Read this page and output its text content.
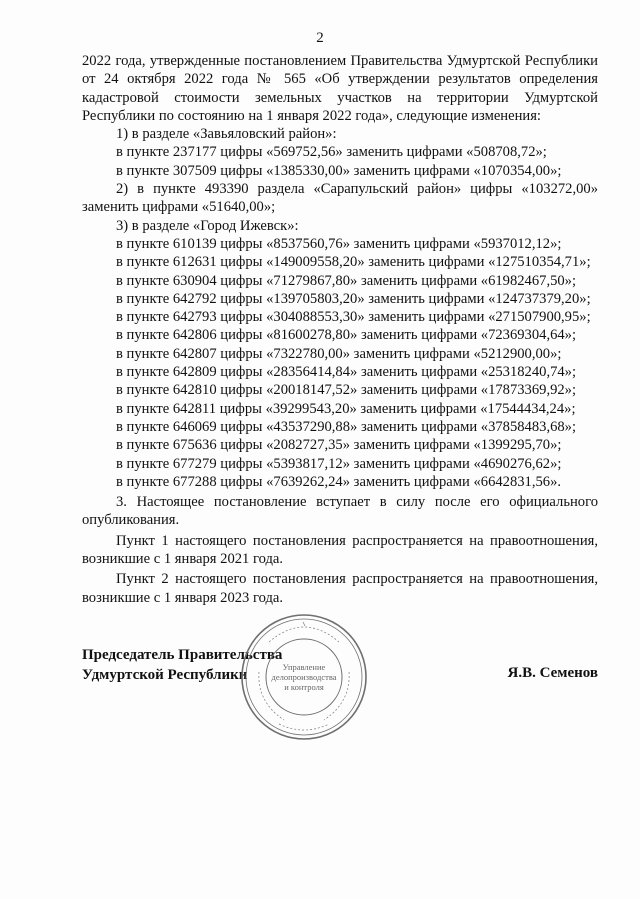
2

2022 года, утвержденные постановлением Правительства Удмуртской Республики от 24 октября 2022 года № 565 «Об утверждении результатов определения кадастровой стоимости земельных участков на территории Удмуртской Республики по состоянию на 1 января 2022 года», следующие изменения:

1) в разделе «Завьяловский район»:

в пункте 237177 цифры «569752,56» заменить цифрами «508708,72»;

в пункте 307509 цифры «1385330,00» заменить цифрами «1070354,00»;

2) в пункте 493390 раздела «Сарапульский район» цифры «103272,00» заменить цифрами «51640,00»;

3) в разделе «Город Ижевск»:

в пункте 610139 цифры «8537560,76» заменить цифрами «5937012,12»;

в пункте 612631 цифры «149009558,20» заменить цифрами «127510354,71»;

в пункте 630904 цифры «71279867,80» заменить цифрами «61982467,50»;

в пункте 642792 цифры «139705803,20» заменить цифрами «124737379,20»;

в пункте 642793 цифры «304088553,30» заменить цифрами «271507900,95»;

в пункте 642806 цифры «81600278,80» заменить цифрами «72369304,64»;

в пункте 642807 цифры «7322780,00» заменить цифрами «5212900,00»;

в пункте 642809 цифры «28356414,84» заменить цифрами «25318240,74»;

в пункте 642810 цифры «20018147,52» заменить цифрами «17873369,92»;

в пункте 642811 цифры «39299543,20» заменить цифрами «17544434,24»;

в пункте 646069 цифры «43537290,88» заменить цифрами «37858483,68»;

в пункте 675636 цифры «2082727,35» заменить цифрами «1399295,70»;

в пункте 677279 цифры «5393817,12» заменить цифрами «4690276,62»;

в пункте 677288 цифры «7639262,24» заменить цифрами «6642831,56».

3. Настоящее постановление вступает в силу после его официального опубликования.

Пункт 1 настоящего постановления распространяется на правоотношения, возникшие с 1 января 2021 года.

Пункт 2 настоящего постановления распространяется на правоотношения, возникшие с 1 января 2023 года.

Председатель Правительства
Удмуртской Республики	Я.В. Семенов
Управление
делопроизводства
и контроля
